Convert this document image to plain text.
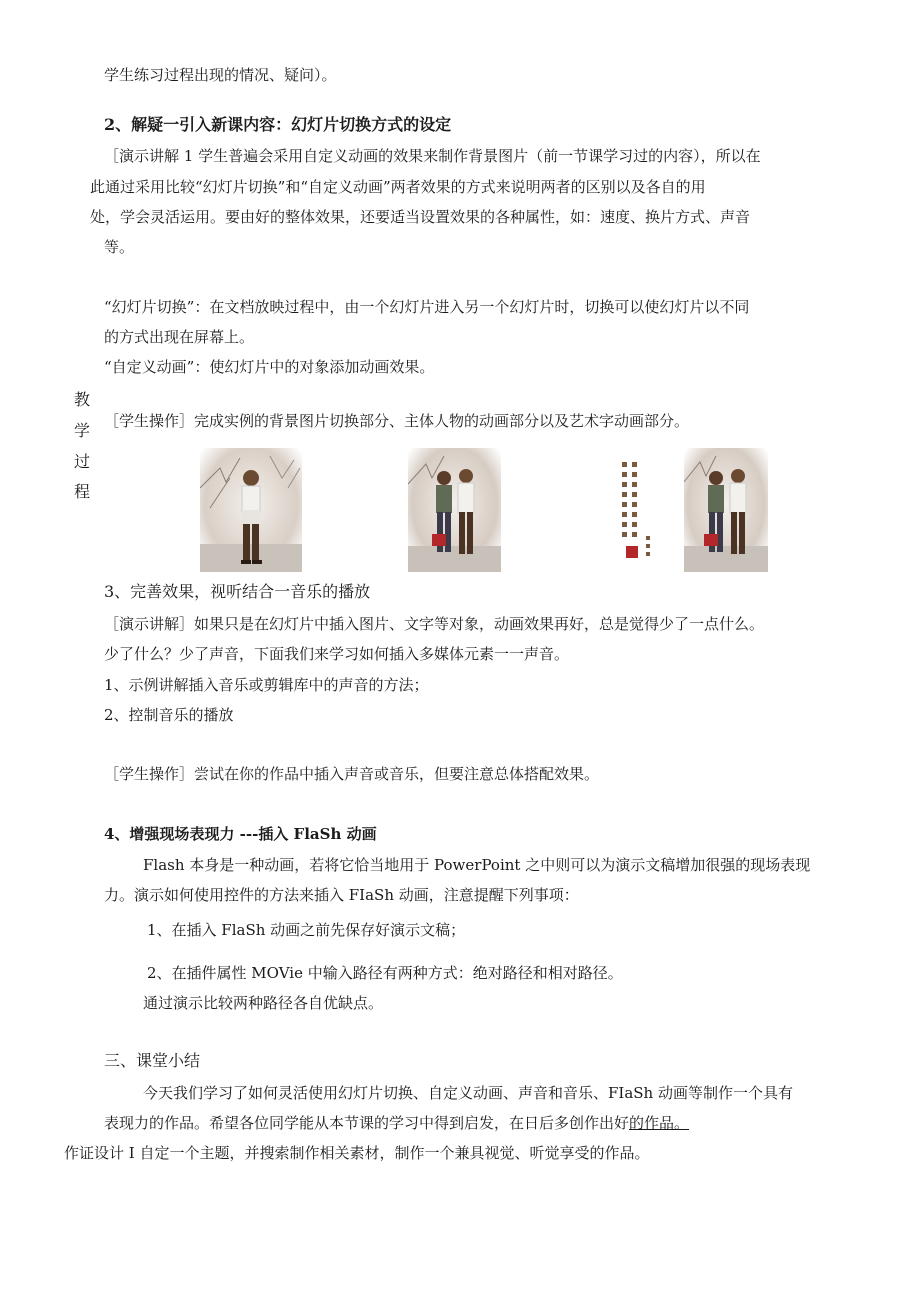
学生练习过程出现的情况、疑问）。
2、解疑一引入新课内容：幻灯片切换方式的设定
［演示讲解 1 学生普遍会采用自定义动画的效果来制作背景图片（前一节课学习过的内容），所以在
此通过采用比较“幻灯片切换”和“自定义动画”两者效果的方式来说明两者的区别以及各自的用
处，学会灵活运用。要由好的整体效果，还要适当设置效果的各种属性，如：速度、换片方式、声音
等。
“幻灯片切换”：在文档放映过程中，由一个幻灯片进入另一个幻灯片时，切换可以使幻灯片以不同
的方式出现在屏幕上。
“自定义动画”：使幻灯片中的对象添加动画效果。
教
学
过
程
［学生操作］完成实例的背景图片切换部分、主体人物的动画部分以及艺术字动画部分。
3、完善效果，视听结合一音乐的播放
［演示讲解］如果只是在幻灯片中插入图片、文字等对象，动画效果再好，总是觉得少了一点什么。
少了什么？少了声音，下面我们来学习如何插入多媒体元素一一声音。
1、示例讲解插入音乐或剪辑库中的声音的方法；
2、控制音乐的播放
［学生操作］尝试在你的作品中插入声音或音乐，但要注意总体搭配效果。
4、增强现场表现力 ---插入 FlaSh 动画
Flash 本身是一种动画，若将它恰当地用于 PowerPoint 之中则可以为演示文稿增加很强的现场表现
力。演示如何使用控件的方法来插入 FIaSh 动画，注意提醒下列事项：
1、在插入 FlaSh 动画之前先保存好演示文稿；
2、在插件属性 MOVie 中输入路径有两种方式：绝对路径和相对路径。
通过演示比较两种路径各自优缺点。
三、课堂小结
今天我们学习了如何灵活使用幻灯片切换、自定义动画、声音和音乐、FIaSh 动画等制作一个具有
表现力的作品。希望各位同学能从本节课的学习中得到启发，在日后多创作出好的作品。
作证设计 I 自定一个主题，并搜索制作相关素材，制作一个兼具视觉、听觉享受的作品。
